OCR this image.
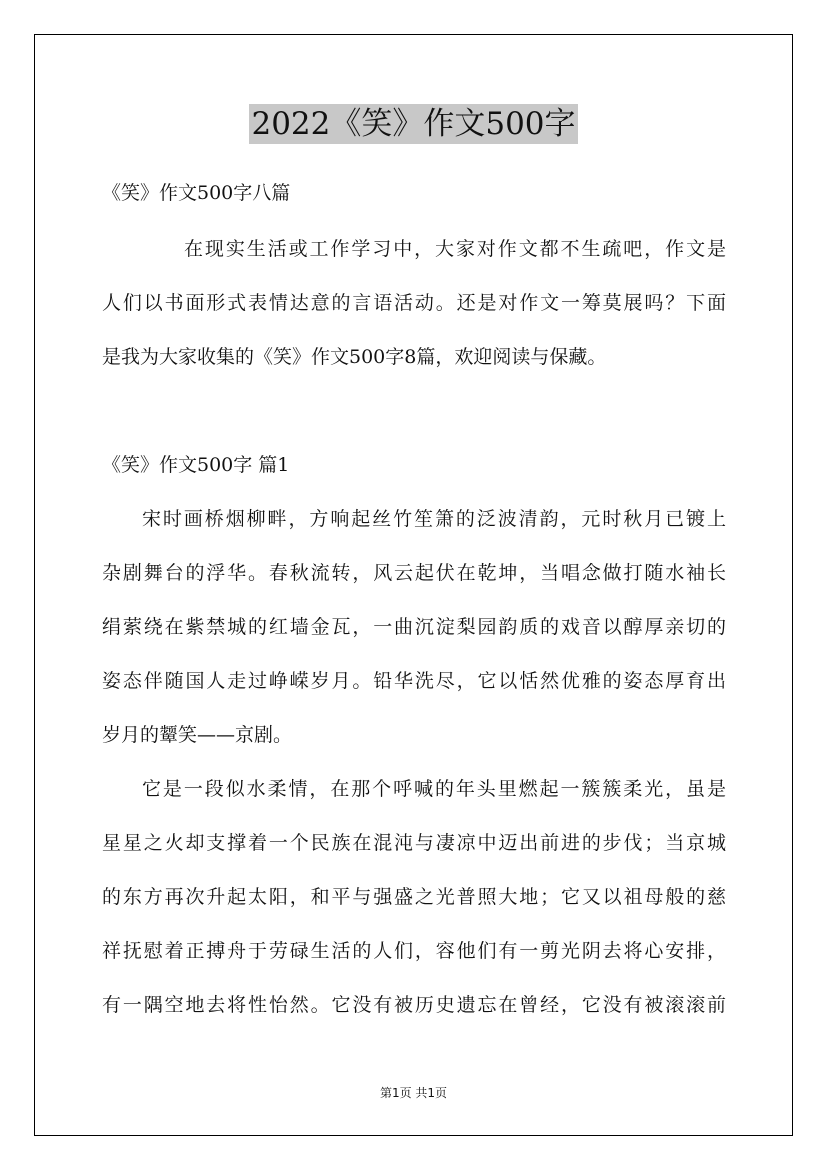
2022《笑》作文500字
《笑》作文500字八篇
在现实生活或工作学习中，大家对作文都不生疏吧，作文是
人们以书面形式表情达意的言语活动。还是对作文一筹莫展吗？下面
是我为大家收集的《笑》作文500字8篇，欢迎阅读与保藏。
《笑》作文500字 篇1
宋时画桥烟柳畔，方响起丝竹笙箫的泛波清韵，元时秋月已镀上
杂剧舞台的浮华。春秋流转，风云起伏在乾坤，当唱念做打随水袖长
绢萦绕在紫禁城的红墙金瓦，一曲沉淀梨园韵质的戏音以醇厚亲切的
姿态伴随国人走过峥嵘岁月。铅华洗尽，它以恬然优雅的姿态厚育出
岁月的颦笑——京剧。
它是一段似水柔情，在那个呼喊的年头里燃起一簇簇柔光，虽是
星星之火却支撑着一个民族在混沌与凄凉中迈出前进的步伐；当京城
的东方再次升起太阳，和平与强盛之光普照大地；它又以祖母般的慈
祥抚慰着正搏舟于劳碌生活的人们，容他们有一剪光阴去将心安排，
有一隅空地去将性怡然。它没有被历史遗忘在曾经，它没有被滚滚前
第1页 共1页
